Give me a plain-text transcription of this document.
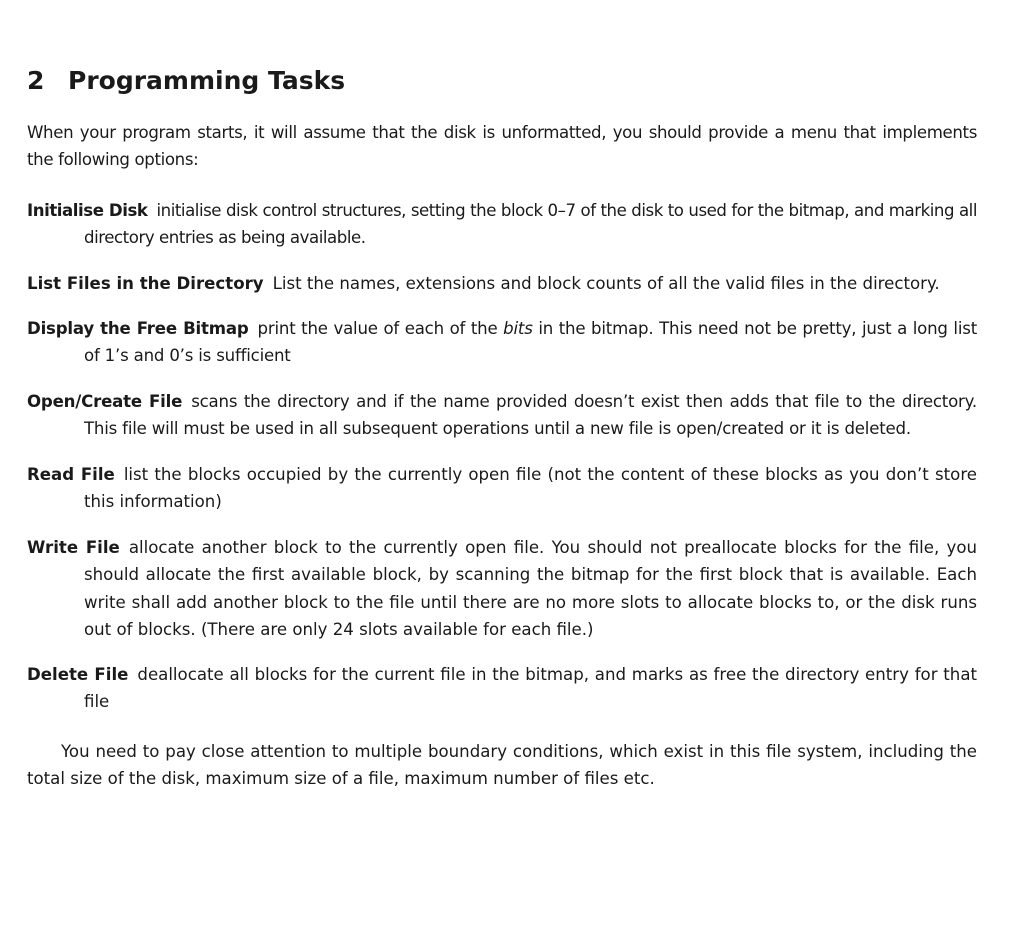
2 Programming Tasks

When your program starts, it will assume that the disk is unformatted, you should provide a menu that implements the following options:

Initialise Disk initialise disk control structures, setting the block 0–7 of the disk to used for the bitmap, and marking all directory entries as being available.

List Files in the Directory List the names, extensions and block counts of all the valid files in the directory.

Display the Free Bitmap print the value of each of the bits in the bitmap. This need not be pretty, just a long list of 1’s and 0’s is sufficient

Open/Create File scans the directory and if the name provided doesn’t exist then adds that file to the directory. This file will must be used in all subsequent operations until a new file is open/created or it is deleted.

Read File list the blocks occupied by the currently open file (not the content of these blocks as you don’t store this information)

Write File allocate another block to the currently open file. You should not preallocate blocks for the file, you should allocate the first available block, by scanning the bitmap for the first block that is available. Each write shall add another block to the file until there are no more slots to allocate blocks to, or the disk runs out of blocks. (There are only 24 slots available for each file.)

Delete File deallocate all blocks for the current file in the bitmap, and marks as free the directory entry for that file

You need to pay close attention to multiple boundary conditions, which exist in this file system, including the total size of the disk, maximum size of a file, maximum number of files etc.
